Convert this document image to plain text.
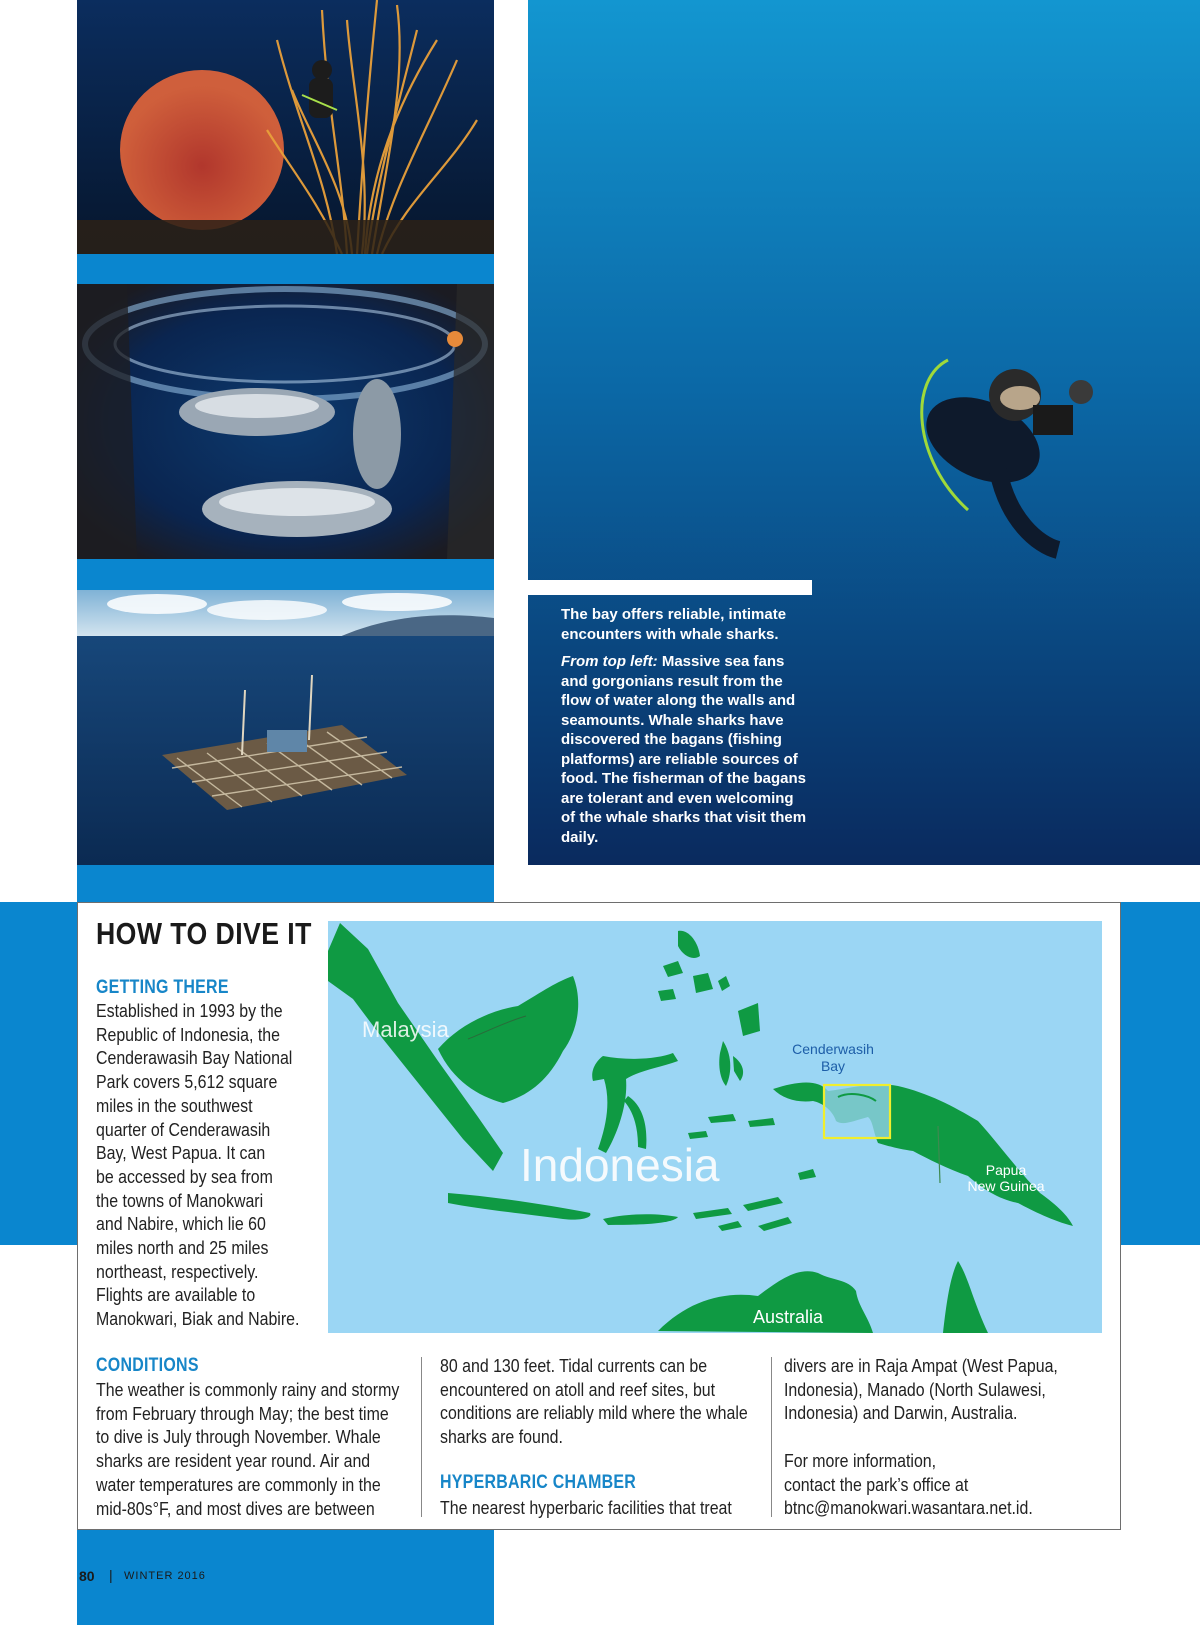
The bay offers reliable, intimate encounters with whale sharks.

From top left: Massive sea fans and gorgonians result from the flow of water along the walls and seamounts. Whale sharks have discovered the bagans (fishing platforms) are reliable sources of food. The fisherman of the bagans are tolerant and even welcoming of the whale sharks that visit them daily.

HOW TO DIVE IT
GETTING THERE

Established in 1993 by the

Republic of Indonesia, the

Cenderawasih Bay National

Park covers 5,612 square

miles in the southwest

quarter of Cenderawasih

Bay, West Papua. It can

be accessed by sea from

the towns of Manokwari

and Nabire, which lie 60

miles north and 25 miles

northeast, respectively.

Flights are available to

Manokwari, Biak and Nabire.

Malaysia
Indonesia
Cenderwasih
Bay
Papua
New Guinea
Australia
CONDITIONS

The weather is commonly rainy and stormy

from February through May; the best time

to dive is July through November. Whale

sharks are resident year round. Air and

water temperatures are commonly in the

mid-80s°F, and most dives are between

80 and 130 feet. Tidal currents can be

encountered on atoll and reef sites, but

conditions are reliably mild where the whale

sharks are found.

HYPERBARIC CHAMBER

The nearest hyperbaric facilities that treat

divers are in Raja Ampat (West Papua,

Indonesia), Manado (North Sulawesi,

Indonesia) and Darwin, Australia.

For more information,

contact the park’s office at

btnc@manokwari.wasantara.net.id.

80 | WINTER 2016
